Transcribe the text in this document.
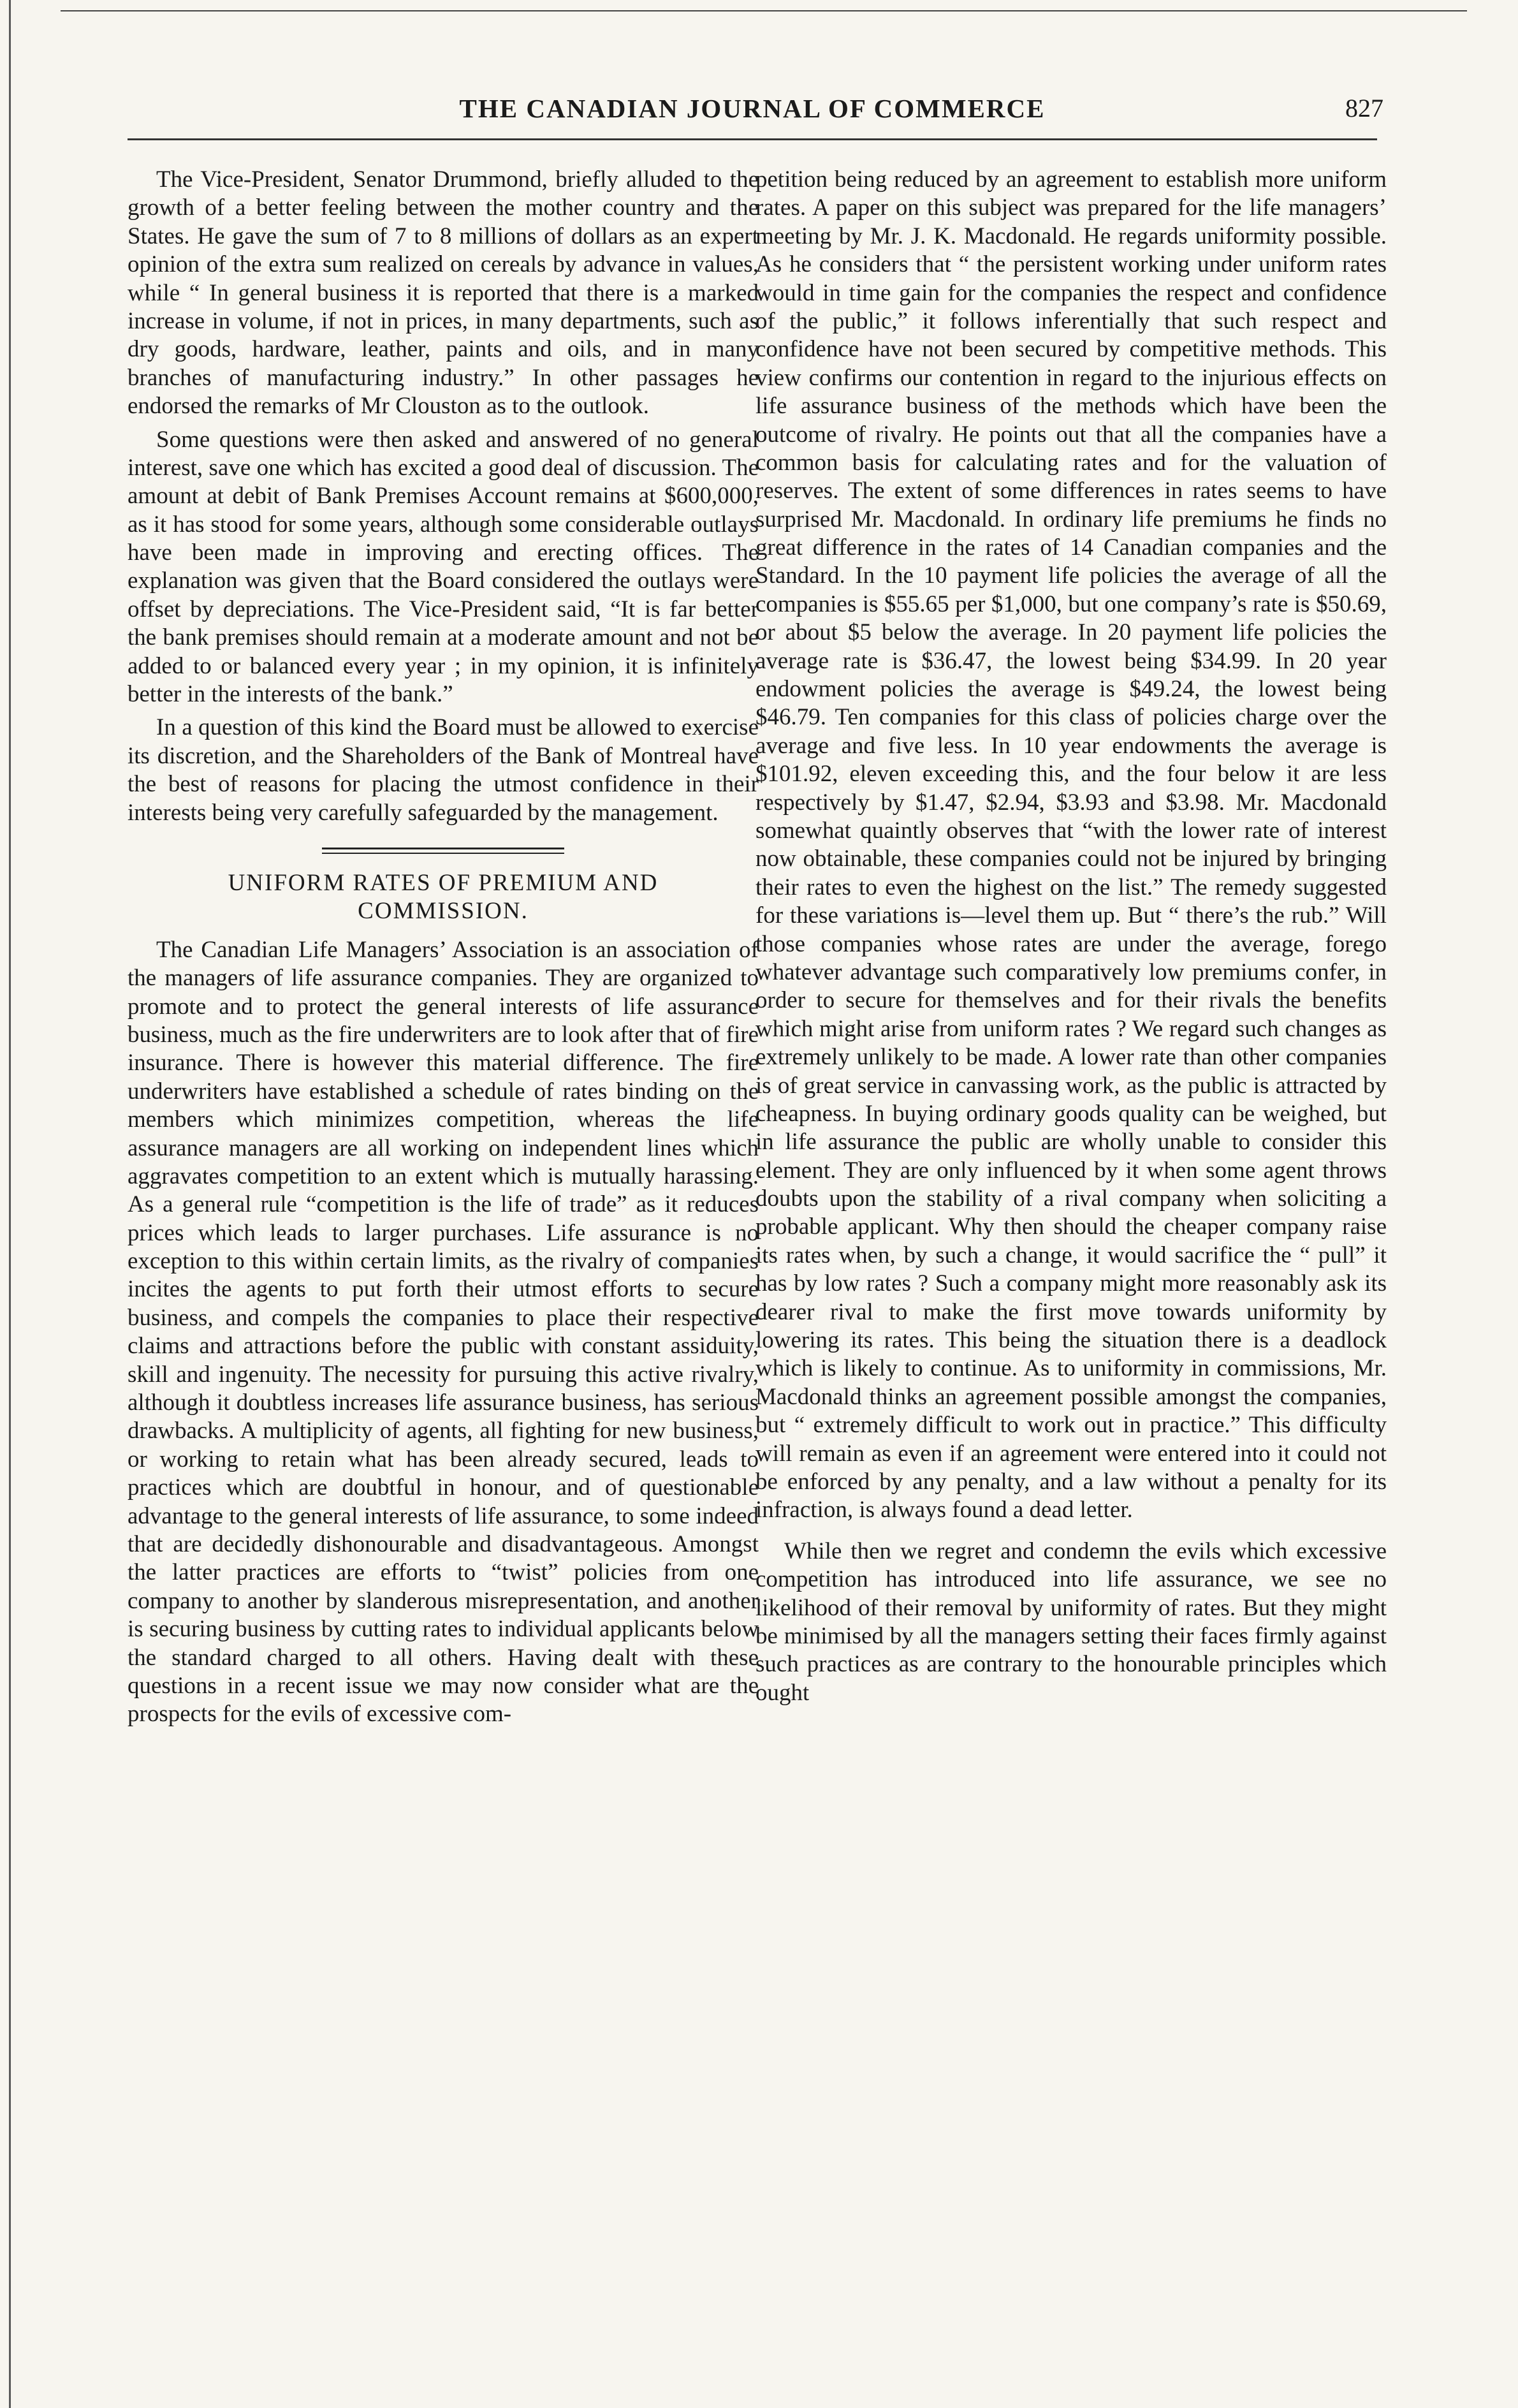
THE CANADIAN JOURNAL OF COMMERCE	827

The Vice-President, Senator Drummond, briefly alluded to the growth of a better feeling between the mother country and the States. He gave the sum of 7 to 8 millions of dollars as an expert opinion of the extra sum realized on cereals by advance in values, while “ In general business it is reported that there is a marked increase in volume, if not in prices, in many departments, such as dry goods, hardware, leather, paints and oils, and in many branches of manufacturing industry.” In other passages he endorsed the remarks of Mr Clouston as to the outlook.

Some questions were then asked and answered of no general interest, save one which has excited a good deal of discussion. The amount at debit of Bank Premises Account remains at $600,000, as it has stood for some years, although some considerable outlays have been made in improving and erecting offices. The explanation was given that the Board considered the outlays were offset by depreciations. The Vice-President said, “It is far better the bank premises should remain at a moderate amount and not be added to or balanced every year ; in my opinion, it is infinitely better in the interests of the bank.”

In a question of this kind the Board must be allowed to exercise its discretion, and the Shareholders of the Bank of Montreal have the best of reasons for placing the utmost confidence in their interests being very carefully safeguarded by the management.

UNIFORM RATES OF PREMIUM AND COMMISSION.

The Canadian Life Managers’ Association is an association of the managers of life assurance companies. They are organized to promote and to protect the general interests of life assurance business, much as the fire underwriters are to look after that of fire insurance. There is however this material difference. The fire underwriters have established a schedule of rates binding on the members which minimizes competition, whereas the life assurance managers are all working on independent lines which aggravates competition to an extent which is mutually harassing. As a general rule “competition is the life of trade” as it reduces prices which leads to larger purchases. Life assurance is no exception to this within certain limits, as the rivalry of companies incites the agents to put forth their utmost efforts to secure business, and compels the companies to place their respective claims and attractions before the public with constant assiduity, skill and ingenuity. The necessity for pursuing this active rivalry, although it doubtless increases life assurance business, has serious drawbacks. A multiplicity of agents, all fighting for new business, or working to retain what has been already secured, leads to practices which are doubtful in honour, and of questionable advantage to the general interests of life assurance, to some indeed that are decidedly dishonourable and disadvantageous. Amongst the latter practices are efforts to “twist” policies from one company to another by slanderous misrepresentation, and another is securing business by cutting rates to individual applicants below the standard charged to all others. Having dealt with these questions in a recent issue we may now consider what are the prospects for the evils of excessive com-

petition being reduced by an agreement to establish more uniform rates. A paper on this subject was prepared for the life managers’ meeting by Mr. J. K. Macdonald. He regards uniformity possible. As he considers that “ the persistent working under uniform rates would in time gain for the companies the respect and confidence of the public,” it follows inferentially that such respect and confidence have not been secured by competitive methods. This view confirms our contention in regard to the injurious effects on life assurance business of the methods which have been the outcome of rivalry. He points out that all the companies have a common basis for calculating rates and for the valuation of reserves. The extent of some differences in rates seems to have surprised Mr. Macdonald. In ordinary life premiums he finds no great difference in the rates of 14 Canadian companies and the Standard. In the 10 payment life policies the average of all the companies is $55.65 per $1,000, but one company’s rate is $50.69, or about $5 below the average. In 20 payment life policies the average rate is $36.47, the lowest being $34.99. In 20 year endowment policies the average is $49.24, the lowest being $46.79. Ten companies for this class of policies charge over the average and five less. In 10 year endowments the average is $101.92, eleven exceeding this, and the four below it are less respectively by $1.47, $2.94, $3.93 and $3.98. Mr. Macdonald somewhat quaintly observes that “with the lower rate of interest now obtainable, these companies could not be injured by bringing their rates to even the highest on the list.” The remedy suggested for these variations is—level them up. But “ there’s the rub.” Will those companies whose rates are under the average, forego whatever advantage such comparatively low premiums confer, in order to secure for themselves and for their rivals the benefits which might arise from uniform rates ? We regard such changes as extremely unlikely to be made. A lower rate than other companies is of great service in canvassing work, as the public is attracted by cheapness. In buying ordinary goods quality can be weighed, but in life assurance the public are wholly unable to consider this element. They are only influenced by it when some agent throws doubts upon the stability of a rival company when soliciting a probable applicant. Why then should the cheaper company raise its rates when, by such a change, it would sacrifice the “ pull” it has by low rates ? Such a company might more reasonably ask its dearer rival to make the first move towards uniformity by lowering its rates. This being the situation there is a deadlock which is likely to continue. As to uniformity in commissions, Mr. Macdonald thinks an agreement possible amongst the companies, but “ extremely difficult to work out in practice.” This difficulty will remain as even if an agreement were entered into it could not be enforced by any penalty, and a law without a penalty for its infraction, is always found a dead letter.

While then we regret and condemn the evils which excessive competition has introduced into life assurance, we see no likelihood of their removal by uniformity of rates. But they might be minimised by all the managers setting their faces firmly against such practices as are contrary to the honourable principles which ought
